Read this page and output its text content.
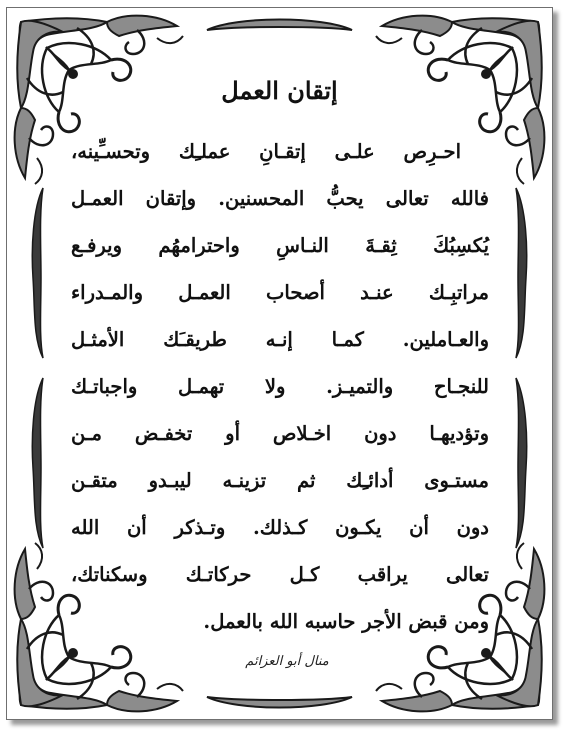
إتقان العمل
احـرِص علـى إتقـانِ عملـِك وتحسـِّينه،
فالله تعالى يحبُّ المحسنين. وإتقان العمـل
يُكسِبُكَ ثِقـةَ النـاسِ واحترامهُم ويرفـع
مراتبِـك عنـد أصحاب العمـل والمـدراء
والعـاملين. كمـا إنـه طريقـَك الأمثـل
للنجـاح والتميـز. ولا تهمـل واجباتـك
وتؤديهـا دون اخـلاص أو تخفـض مـن
مستـوى أدائـِك ثم تزينـه ليبـدو متقـن
دون أن يكـون كـذلك. وتـذكر أن الله
تعالى يراقب كـل حركاتـك وسكناتك،
ومن قبض الأجر حاسبه الله بالعمل.

منال أبو العزائم
